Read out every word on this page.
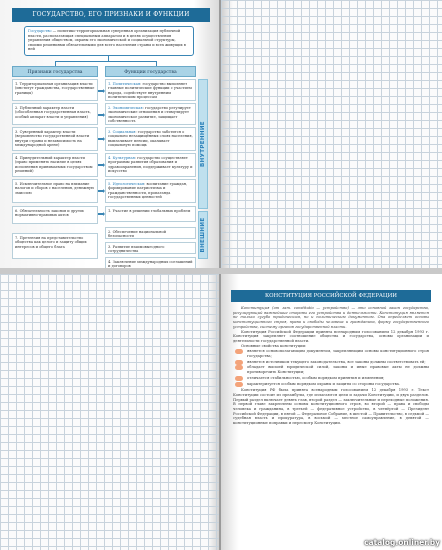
ГОСУДАРСТВО, ЕГО ПРИЗНАКИ И ФУНКЦИИ
Государство — политико-территориальная суверенная организация публичной власти, располагающая специальным аппаратом и в целях осуществления управления обществом, охраны его экономической и социальной структуры, своими решениями обязательными для всего населения страны и всех живущих в ней
Признаки государства	Функции государства
1. Территориальная организация власти (институт гражданства, государственные границы)
1. Политическая: государство выполняет главные политические функции с участием народа, содействует внутренним политическим процессам
2. Публичный характер власти (обособленная государственная власть, особый аппарат власти и управления)
2. Экономическая: государство регулирует экономические отношения и стимулирует экономическое развитие, защищает собственность
3. Суверенный характер власти (верховенство государственной власти внутри страны и независимость на международной арене)
3. Социальная: государство заботится о социально незащищённых слоях населения, выплачивает пенсии, оказывает социальную помощь
4. Принудительный характер власти (право применять насилие в целях исполнения принимаемых государством решений)
4. Культурная: государство осуществляет программы развития образования и здравоохранения, поддерживает культуру и искусство
5. Исключительное право на взимание налогов и сборов с населения, денежную эмиссию
5. Идеологическая: воспитание граждан, формирование патриотизма и гражданственности, пропаганда государственных ценностей
6. Обязательность законов и других нормативно-правовых актов
1. Участие в решении глобальных проблем
7. Претензия на представительство общества как целого и защиту общих интересов и общего блага
2. Обеспечение национальной безопасности
3. Развитие взаимовыгодного сотрудничества
4. Заключение международных соглашений и договоров
ВНУТРЕННИЕ
ВНЕШНИЕ
КОНСТИТУЦИЯ РОССИЙСКОЙ ФЕДЕРАЦИИ

Конституция (от лат. constitutio — устройство) — это основной закон государства, регулирующий важнейшие стороны его устройства и деятельности. Конституция является не только сугубо юридическим, но и политическим документом. Она определяет основы конституционного строя, права и свободы человека и гражданина, форму государственного устройства, систему органов государственной власти.

Конституция Российской Федерации принята всенародным голосованием 12 декабря 1993 г. Конституция закрепляет соотношение общества и государства, основы организации и деятельности государственной власти.

Основные свойства конституции:

является основополагающим документом, закрепляющим основы конституционного строя государства;

является источником текущего законодательства, все законы должны соответствовать ей;

обладает высшей юридической силой, законы и иные правовые акты не должны противоречить Конституции;

отличается стабильностью, особым порядком принятия и изменения;

характеризуется особым порядком охраны и защиты со стороны государства.

Конституция РФ была принята всенародным голосованием 12 декабря 1993 г. Текст Конституции состоит из преамбулы, где излагаются цели и задачи Конституции, и двух разделов. Первый раздел включает девять глав, второй раздел — заключительные и переходные положения. В первой главе закреплены основы конституционного строя, во второй — права и свободы человека и гражданина, в третьей — федеративное устройство, в четвёртой — Президент Российской Федерации, в пятой — Федеральное Собрание, в шестой — Правительство, в седьмой — судебная власть и прокуратура, в восьмой — местное самоуправление, в девятой — конституционные поправки и пересмотр Конституции.

catalog.onliner.by
